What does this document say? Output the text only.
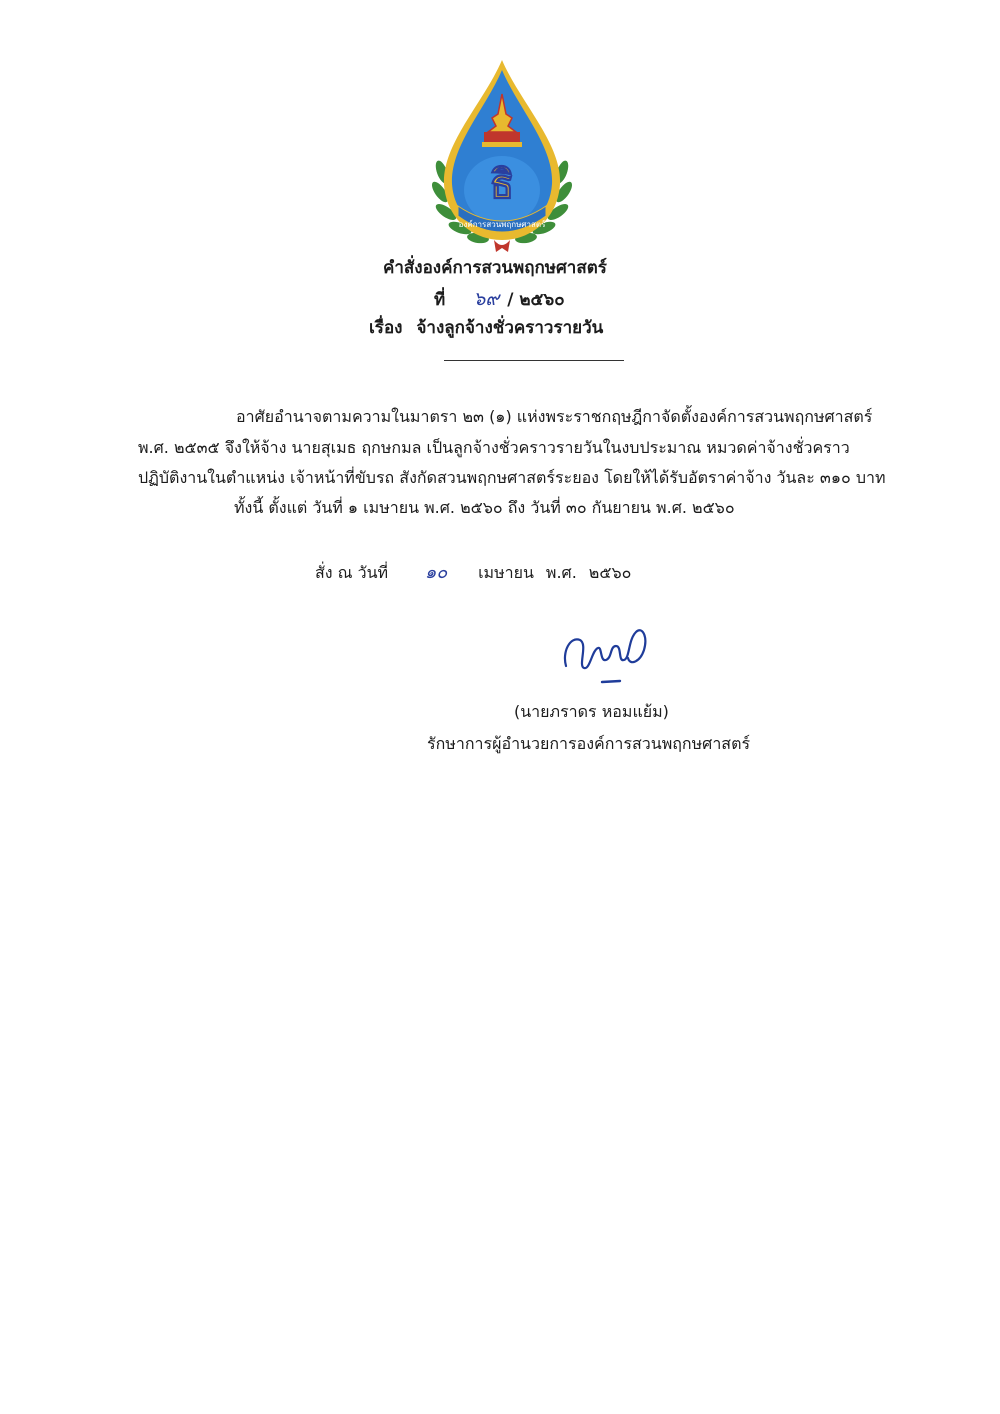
ธิ
องค์การสวนพฤกษศาสตร์
คำสั่งองค์การสวนพฤกษศาสตร์
ที่ ๖๙ / ๒๕๖๐
เรื่อง จ้างลูกจ้างชั่วคราวรายวัน
อาศัยอำนาจตามความในมาตรา ๒๓ (๑) แห่งพระราชกฤษฎีกาจัดตั้งองค์การสวนพฤกษศาสตร์
พ.ศ. ๒๕๓๕ จึงให้จ้าง นายสุเมธ ฤกษกมล เป็นลูกจ้างชั่วคราวรายวันในงบประมาณ หมวดค่าจ้างชั่วคราว
ปฏิบัติงานในตำแหน่ง เจ้าหน้าที่ขับรถ สังกัดสวนพฤกษศาสตร์ระยอง โดยให้ได้รับอัตราค่าจ้าง วันละ ๓๑๐ บาท
ทั้งนี้ ตั้งแต่ วันที่ ๑ เมษายน พ.ศ. ๒๕๖๐ ถึง วันที่ ๓๐ กันยายน พ.ศ. ๒๕๖๐
สั่ง ณ วันที่ ๑๐ เมษายน พ.ศ. ๒๕๖๐
(นายภราดร หอมแย้ม)
รักษาการผู้อำนวยการองค์การสวนพฤกษศาสตร์
